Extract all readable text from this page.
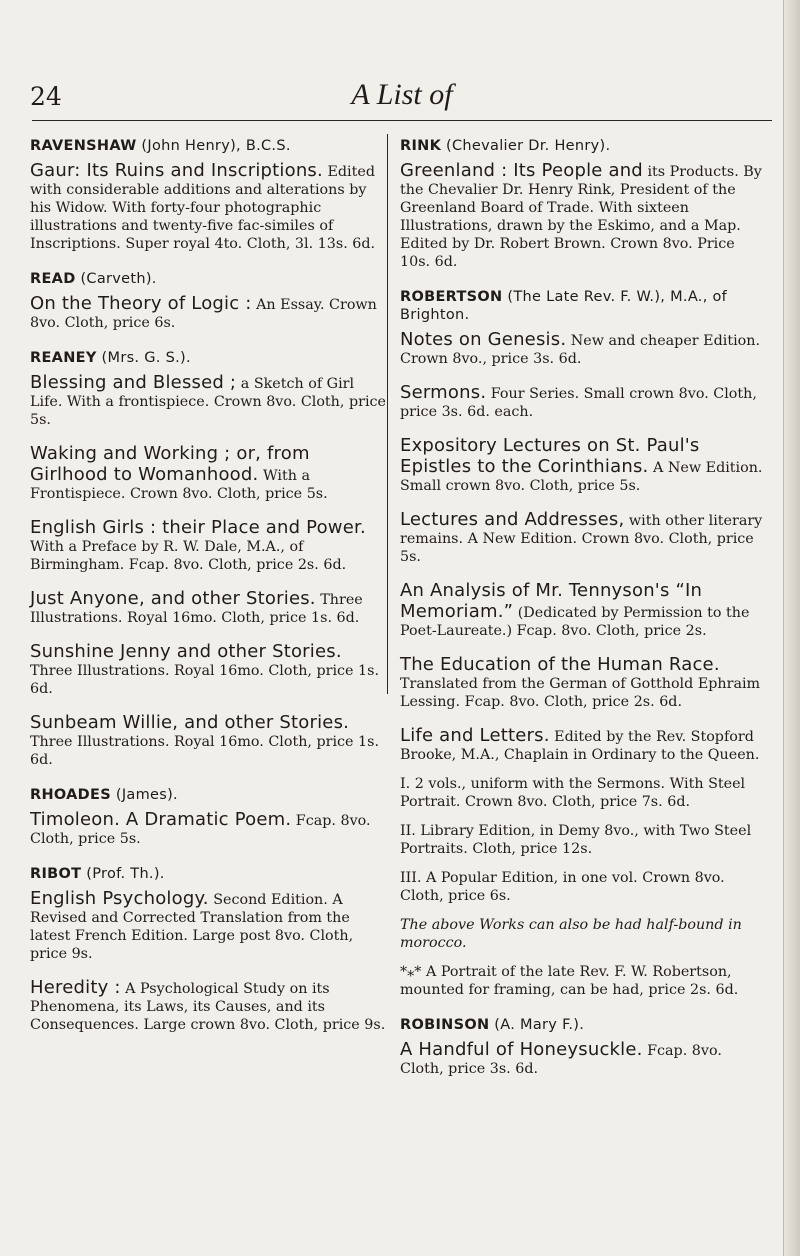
24	A List of
RAVENSHAW (John Henry), B.C.S.
Gaur: Its Ruins and Inscriptions. Edited with considerable additions and alterations by his Widow. With forty-four photographic illustrations and twenty-five fac-similes of Inscriptions. Super royal 4to. Cloth, 3l. 13s. 6d.
READ (Carveth).
On the Theory of Logic : An Essay. Crown 8vo. Cloth, price 6s.
REANEY (Mrs. G. S.).
Blessing and Blessed ; a Sketch of Girl Life. With a frontispiece. Crown 8vo. Cloth, price 5s.
Waking and Working ; or, from Girlhood to Womanhood. With a Frontispiece. Crown 8vo. Cloth, price 5s.
English Girls : their Place and Power. With a Preface by R. W. Dale, M.A., of Birmingham. Fcap. 8vo. Cloth, price 2s. 6d.
Just Anyone, and other Stories. Three Illustrations. Royal 16mo. Cloth, price 1s. 6d.
Sunshine Jenny and other Stories. Three Illustrations. Royal 16mo. Cloth, price 1s. 6d.
Sunbeam Willie, and other Stories. Three Illustrations. Royal 16mo. Cloth, price 1s. 6d.
RHOADES (James).
Timoleon. A Dramatic Poem. Fcap. 8vo. Cloth, price 5s.
RIBOT (Prof. Th.).
English Psychology. Second Edition. A Revised and Corrected Translation from the latest French Edition. Large post 8vo. Cloth, price 9s.
Heredity : A Psychological Study on its Phenomena, its Laws, its Causes, and its Consequences. Large crown 8vo. Cloth, price 9s.
RINK (Chevalier Dr. Henry).
Greenland : Its People and its Products. By the Chevalier Dr. Henry Rink, President of the Greenland Board of Trade. With sixteen Illustrations, drawn by the Eskimo, and a Map. Edited by Dr. Robert Brown. Crown 8vo. Price 10s. 6d.
ROBERTSON (The Late Rev. F. W.), M.A., of Brighton.
Notes on Genesis. New and cheaper Edition. Crown 8vo., price 3s. 6d.
Sermons. Four Series. Small crown 8vo. Cloth, price 3s. 6d. each.
Expository Lectures on St. Paul's Epistles to the Corinthians. A New Edition. Small crown 8vo. Cloth, price 5s.
Lectures and Addresses, with other literary remains. A New Edition. Crown 8vo. Cloth, price 5s.
An Analysis of Mr. Tennyson's “In Memoriam.” (Dedicated by Permission to the Poet-Laureate.) Fcap. 8vo. Cloth, price 2s.
The Education of the Human Race. Translated from the German of Gotthold Ephraim Lessing. Fcap. 8vo. Cloth, price 2s. 6d.
Life and Letters. Edited by the Rev. Stopford Brooke, M.A., Chaplain in Ordinary to the Queen.
I. 2 vols., uniform with the Sermons. With Steel Portrait. Crown 8vo. Cloth, price 7s. 6d.
II. Library Edition, in Demy 8vo., with Two Steel Portraits. Cloth, price 12s.
III. A Popular Edition, in one vol. Crown 8vo. Cloth, price 6s.
The above Works can also be had half-bound in morocco.
*⁎* A Portrait of the late Rev. F. W. Robertson, mounted for framing, can be had, price 2s. 6d.
ROBINSON (A. Mary F.).
A Handful of Honeysuckle. Fcap. 8vo. Cloth, price 3s. 6d.
